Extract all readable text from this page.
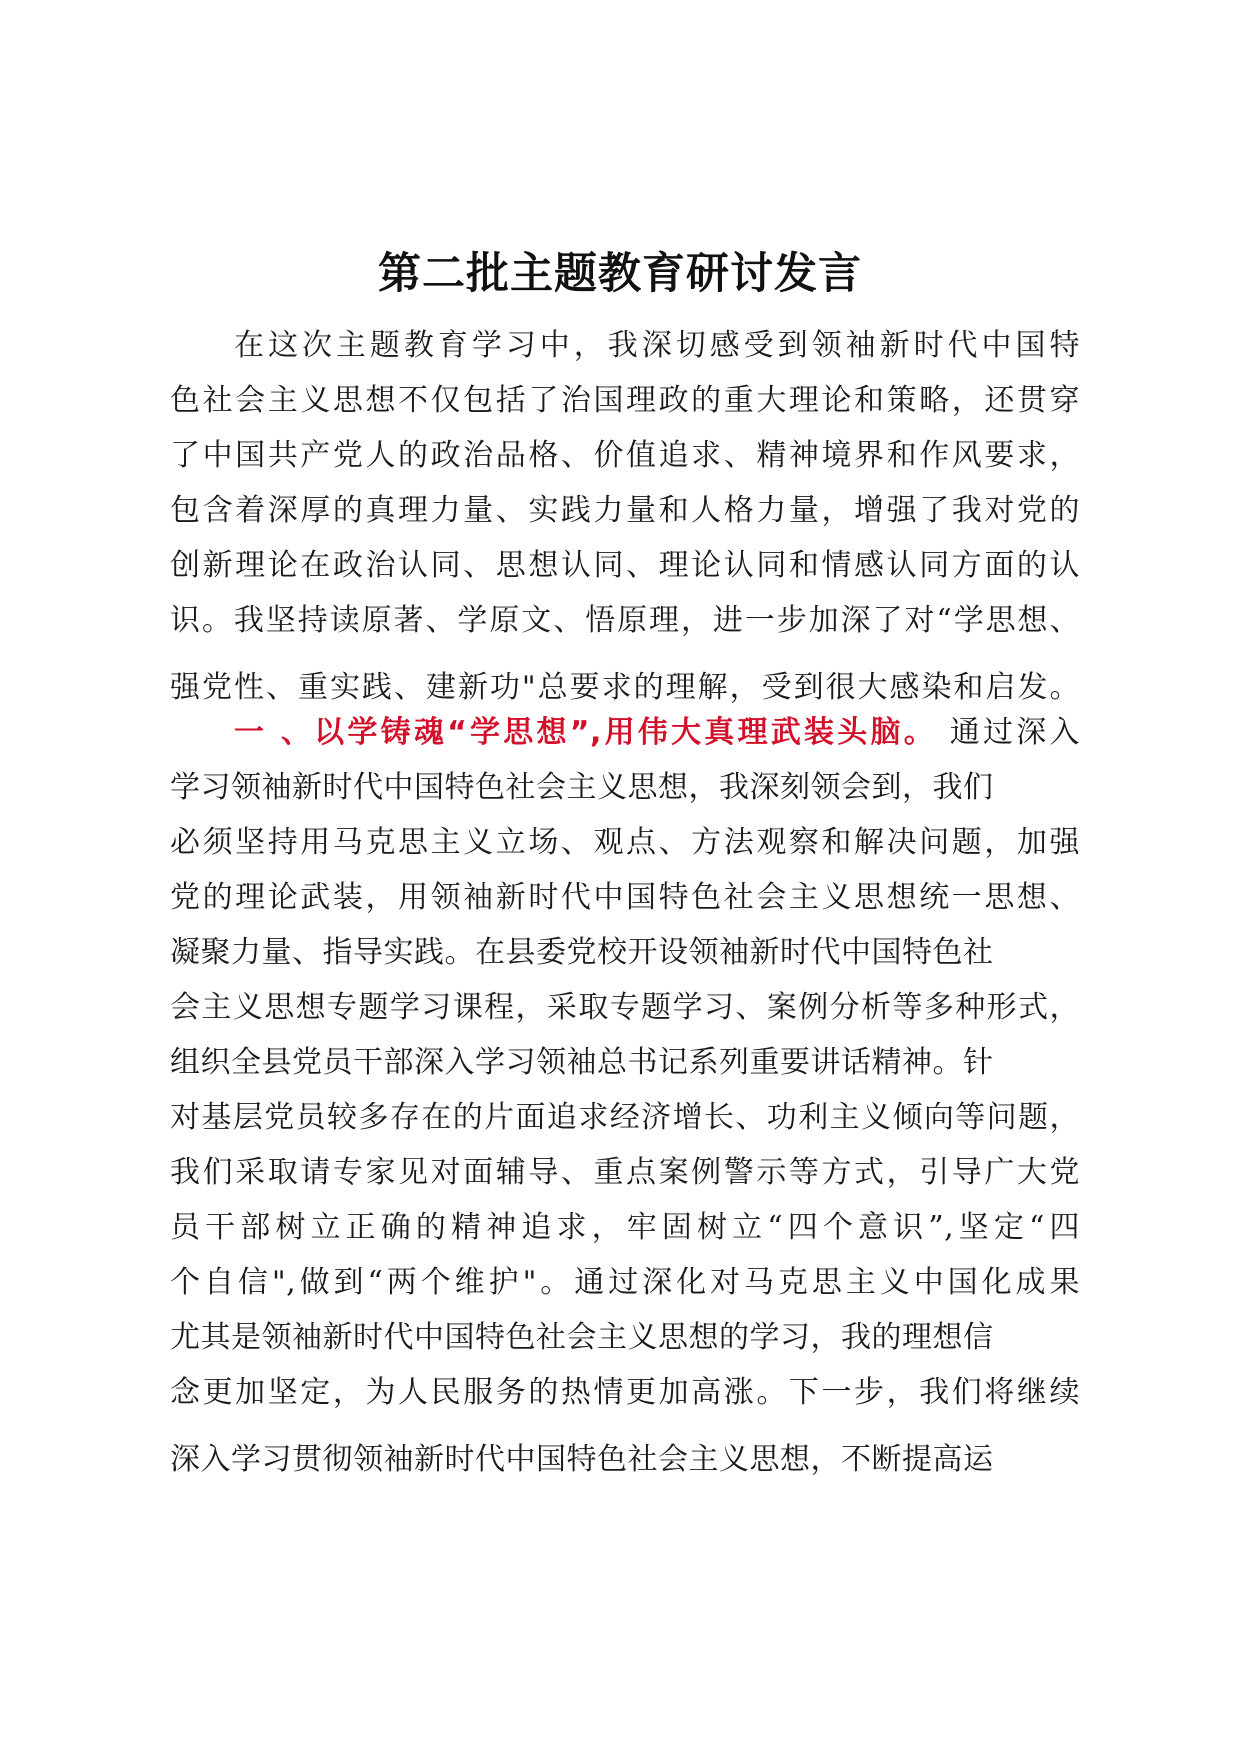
第二批主题教育研讨发言
在这次主题教育学习中，我深切感受到领袖新时代中国特
色社会主义思想不仅包括了治国理政的重大理论和策略，还贯穿
了中国共产党人的政治品格、价值追求、精神境界和作风要求，
包含着深厚的真理力量、实践力量和人格力量，增强了我对党的
创新理论在政治认同、思想认同、理论认同和情感认同方面的认
识。我坚持读原著、学原文、悟原理，进一步加深了对“学思想、
强党性、重实践、建新功"总要求的理解，受到很大感染和启发。
一 、以学铸魂“学思想”,用伟大真理武装头脑。 通过深入
学习领袖新时代中国特色社会主义思想，我深刻领会到，我们
必须坚持用马克思主义立场、观点、方法观察和解决问题，加强
党的理论武装，用领袖新时代中国特色社会主义思想统一思想、
凝聚力量、指导实践。在县委党校开设领袖新时代中国特色社
会主义思想专题学习课程，采取专题学习、案例分析等多种形式，
组织全县党员干部深入学习领袖总书记系列重要讲话精神。针
对基层党员较多存在的片面追求经济增长、功利主义倾向等问题，
我们采取请专家见对面辅导、重点案例警示等方式，引导广大党
员干部树立正确的精神追求，牢固树立“四个意识”,坚定“四
个自信",做到“两个维护"。通过深化对马克思主义中国化成果
尤其是领袖新时代中国特色社会主义思想的学习，我的理想信
念更加坚定，为人民服务的热情更加高涨。下一步，我们将继续
深入学习贯彻领袖新时代中国特色社会主义思想，不断提高运
